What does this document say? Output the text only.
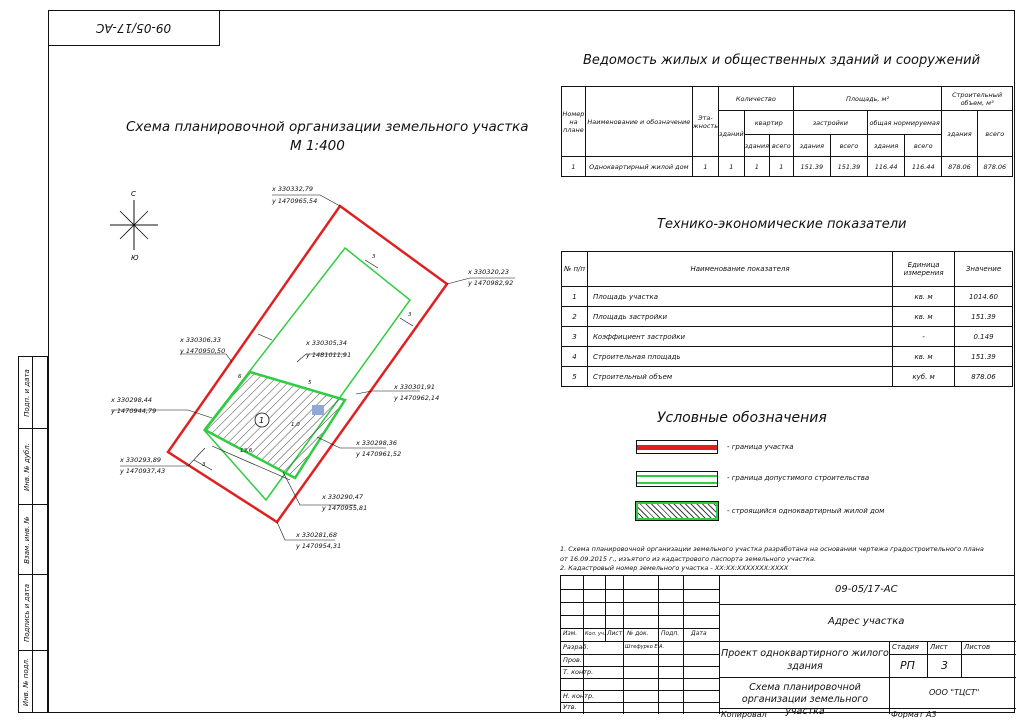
09-05/17-АС
Подп. и дата
Инв. № дубл.
Взам. инв. №
Подпись и дата
Инв. № подл.
Схема планировочной организации земельного участка
М 1:400
С
Ю
1
х 330332,79
у 1470965,54
х 330320,23
у 1470982,92
х 330306,33
у 1470950,50
х 330305,34
у 1481011,91
х 330301,91
у 1470962,14
х 330298,44
у 1470944,79
х 330298,36
у 1470961,52
х 330293,89
у 1470937,43
х 330290,47
у 1470955,81
х 330281,68
у 1470954,31
3
3
5
6
13,6
3
1,0
Ведомость жилых и общественных зданий и сооружений
Номер на плане	Наименование и обозначение	Эта-жность	Количество			Площадь, м²				Строительный объем, м³	
			зданий	квартир		застройки		общая нормируемая		здания	всего
				здания	всего	здания	всего	здания	всего		
1	Одноквартирный жилой дом	1	1	1	1	151.39	151.39	116.44	116.44	878.06	878.06
Технико-экономические показатели
№ п/п	Наименование показателя	Единица измерения	Значение
1	Площадь участка	кв. м	1014.60
2	Площадь застройки	кв. м	151.39
3	Коэффициент застройки	-	0.149
4	Строительная площадь	кв. м	151.39
5	Строительный объем	куб. м	878.06
Условные обозначения
- граница участка
- граница допустимого строительства
- строящийся одноквартирный жилой дом
1. Схема планировочной организации земельного участка разработана на основании чертежа градостроительного плана
от 16.09.2015 г., изъятого из кадастрового паспорта земельного участка.
2. Кадастровый номер земельного участка - ХХ:ХХ:ХХХХХХХ:ХХХХ
Изм. Кол. уч. Лист № док. Подп. Дата
Разраб.	Штефурко Е.А.
Пров.
Т. контр.
Н. контр.
Утв.
09-05/17-АС
Адрес участка
Проект одноквартирного жилого здания
Схема планировочной организации земельного участка
Стадия Лист Листов
РП 3
ООО "ТЦСТ"
Копировал	Формат А3
